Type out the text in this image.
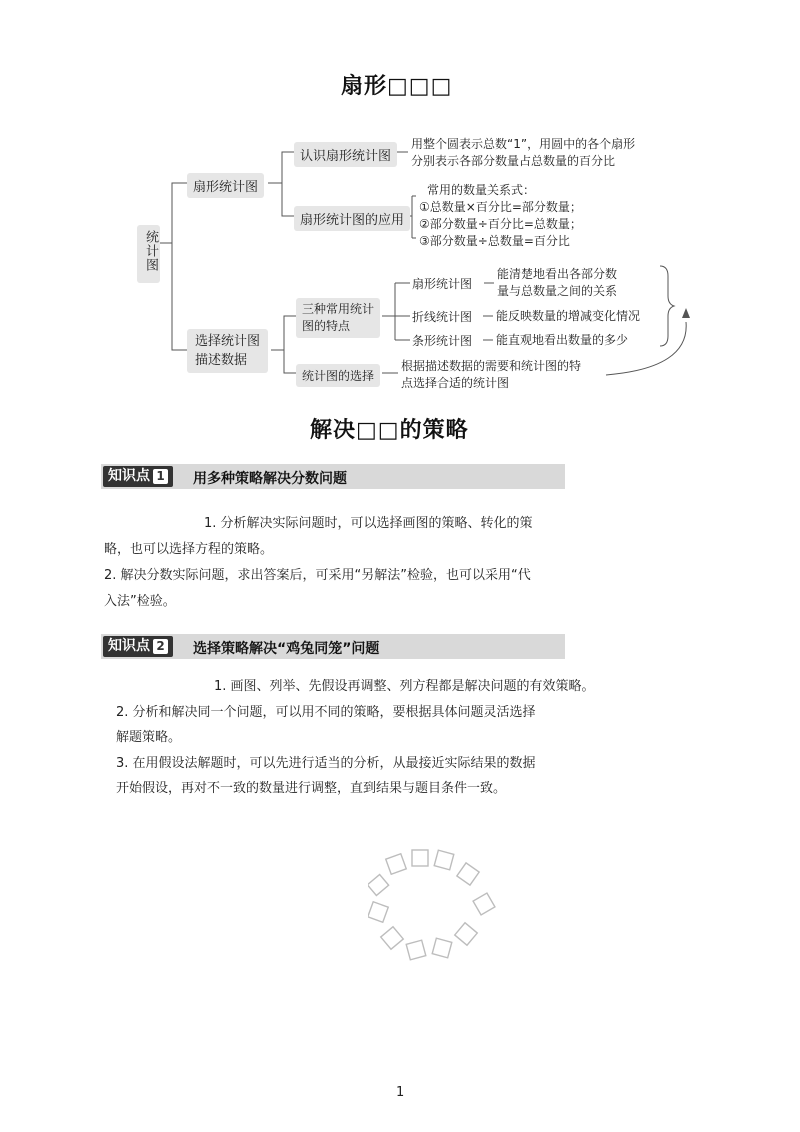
扇形□□□
统计图
扇形统计图
认识扇形统计图
用整个圆表示总数“1”，用圆中的各个扇形
分别表示各部分数量占总数量的百分比
扇形统计图的应用
常用的数量关系式：
①总数量×百分比=部分数量；
②部分数量÷百分比=总数量；
③部分数量÷总数量=百分比
选择统计图
描述数据
三种常用统计
图的特点
扇形统计图
能清楚地看出各部分数
量与总数量之间的关系
折线统计图 能反映数量的增减变化情况
条形统计图 能直观地看出数量的多少
统计图的选择
根据描述数据的需要和统计图的特
点选择合适的统计图
解决□□的策略
知识点 1	用多种策略解决分数问题
1. 分析解决实际问题时，可以选择画图的策略、转化的策
略，也可以选择方程的策略。
2. 解决分数实际问题，求出答案后，可采用“另解法”检验，也可以采用“代
入法”检验。
知识点 2	选择策略解决“鸡兔同笼”问题
1. 画图、列举、先假设再调整、列方程都是解决问题的有效策略。
2. 分析和解决同一个问题，可以用不同的策略，要根据具体问题灵活选择
解题策略。
3. 在用假设法解题时，可以先进行适当的分析，从最接近实际结果的数据
开始假设，再对不一致的数量进行调整，直到结果与题目条件一致。
1
